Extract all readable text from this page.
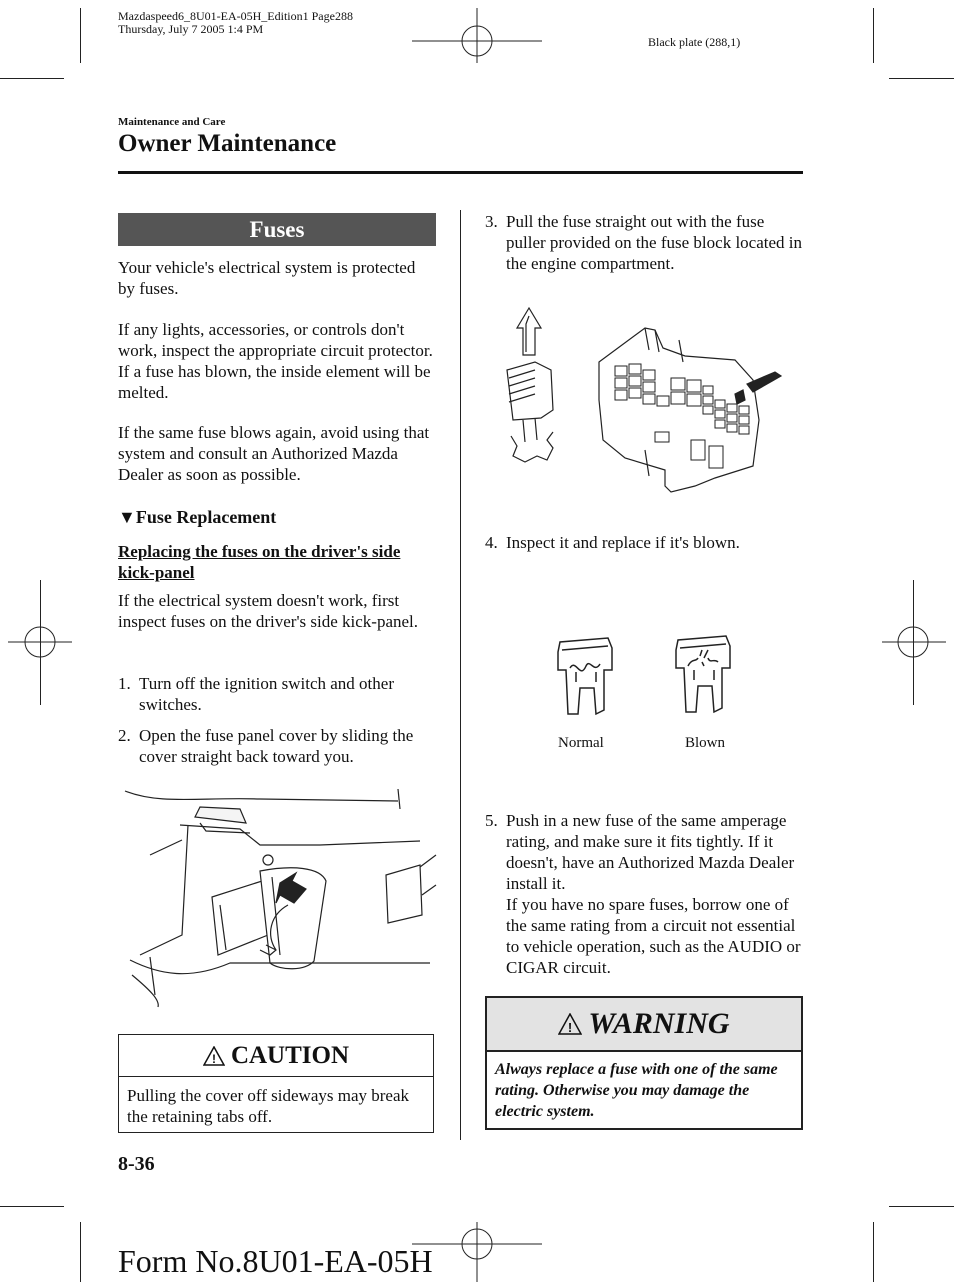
Mazdaspeed6_8U01-EA-05H_Edition1 Page288
Thursday, July 7 2005 1:4 PM
Black plate (288,1)
Maintenance and Care
Owner Maintenance
Fuses
Your vehicle's electrical system is protected by fuses.
If any lights, accessories, or controls don't work, inspect the appropriate circuit protector. If a fuse has blown, the inside element will be melted.
If the same fuse blows again, avoid using that system and consult an Authorized Mazda Dealer as soon as possible.
▼Fuse Replacement
Replacing the fuses on the driver's side kick-panel
If the electrical system doesn't work, first inspect fuses on the driver's side kick-panel.
1. Turn off the ignition switch and other switches.
2. Open the fuse panel cover by sliding the cover straight back toward you.
! CAUTION
Pulling the cover off sideways may break the retaining tabs off.
3. Pull the fuse straight out with the fuse puller provided on the fuse block located in the engine compartment.
4. Inspect it and replace if it's blown.
Normal	Blown
5. Push in a new fuse of the same amperage rating, and make sure it fits tightly. If it doesn't, have an Authorized Mazda Dealer install it.
If you have no spare fuses, borrow one of the same rating from a circuit not essential to vehicle operation, such as the AUDIO or CIGAR circuit.
! WARNING
Always replace a fuse with one of the same rating. Otherwise you may damage the electric system.
8-36
Form No.8U01-EA-05H
